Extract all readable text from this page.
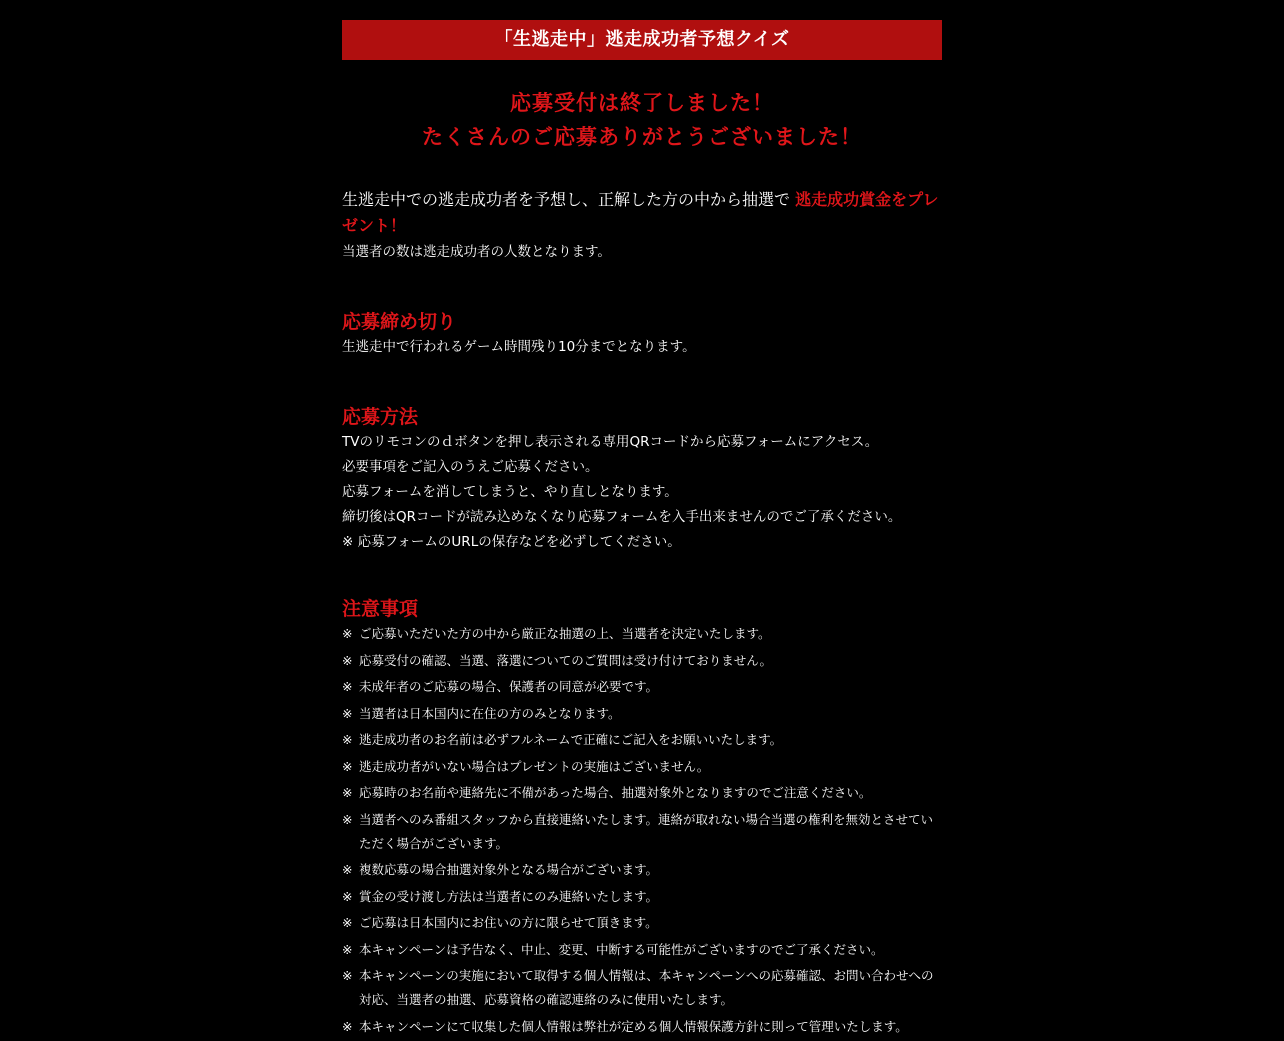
「生逃走中」逃走成功者予想クイズ
応募受付は終了しました！
たくさんのご応募ありがとうございました！
生逃走中での逃走成功者を予想し、正解した方の中から抽選で 逃走成功賞金をプレゼント！
当選者の数は逃走成功者の人数となります。
応募締め切り
生逃走中で行われるゲーム時間残り10分までとなります。
応募方法
TVのリモコンのｄボタンを押し表示される専用QRコードから応募フォームにアクセス。
必要事項をご記入のうえご応募ください。
応募フォームを消してしまうと、やり直しとなります。
締切後はQRコードが読み込めなくなり応募フォームを入手出来ませんのでご了承ください。
※ 応募フォームのURLの保存などを必ずしてください。
注意事項
※ ご応募いただいた方の中から厳正な抽選の上、当選者を決定いたします。
※ 応募受付の確認、当選、落選についてのご質問は受け付けておりません。
※ 未成年者のご応募の場合、保護者の同意が必要です。
※ 当選者は日本国内に在住の方のみとなります。
※ 逃走成功者のお名前は必ずフルネームで正確にご記入をお願いいたします。
※ 逃走成功者がいない場合はプレゼントの実施はございません。
※ 応募時のお名前や連絡先に不備があった場合、抽選対象外となりますのでご注意ください。
※ 当選者へのみ番組スタッフから直接連絡いたします。連絡が取れない場合当選の権利を無効とさせていただく場合がございます。
※ 複数応募の場合抽選対象外となる場合がございます。
※ 賞金の受け渡し方法は当選者にのみ連絡いたします。
※ ご応募は日本国内にお住いの方に限らせて頂きます。
※ 本キャンペーンは予告なく、中止、変更、中断する可能性がございますのでご了承ください。
※ 本キャンペーンの実施において取得する個人情報は、本キャンペーンへの応募確認、お問い合わせへの対応、当選者の抽選、応募資格の確認連絡のみに使用いたします。
※ 本キャンペーンにて収集した個人情報は弊社が定める個人情報保護方針に則って管理いたします。
